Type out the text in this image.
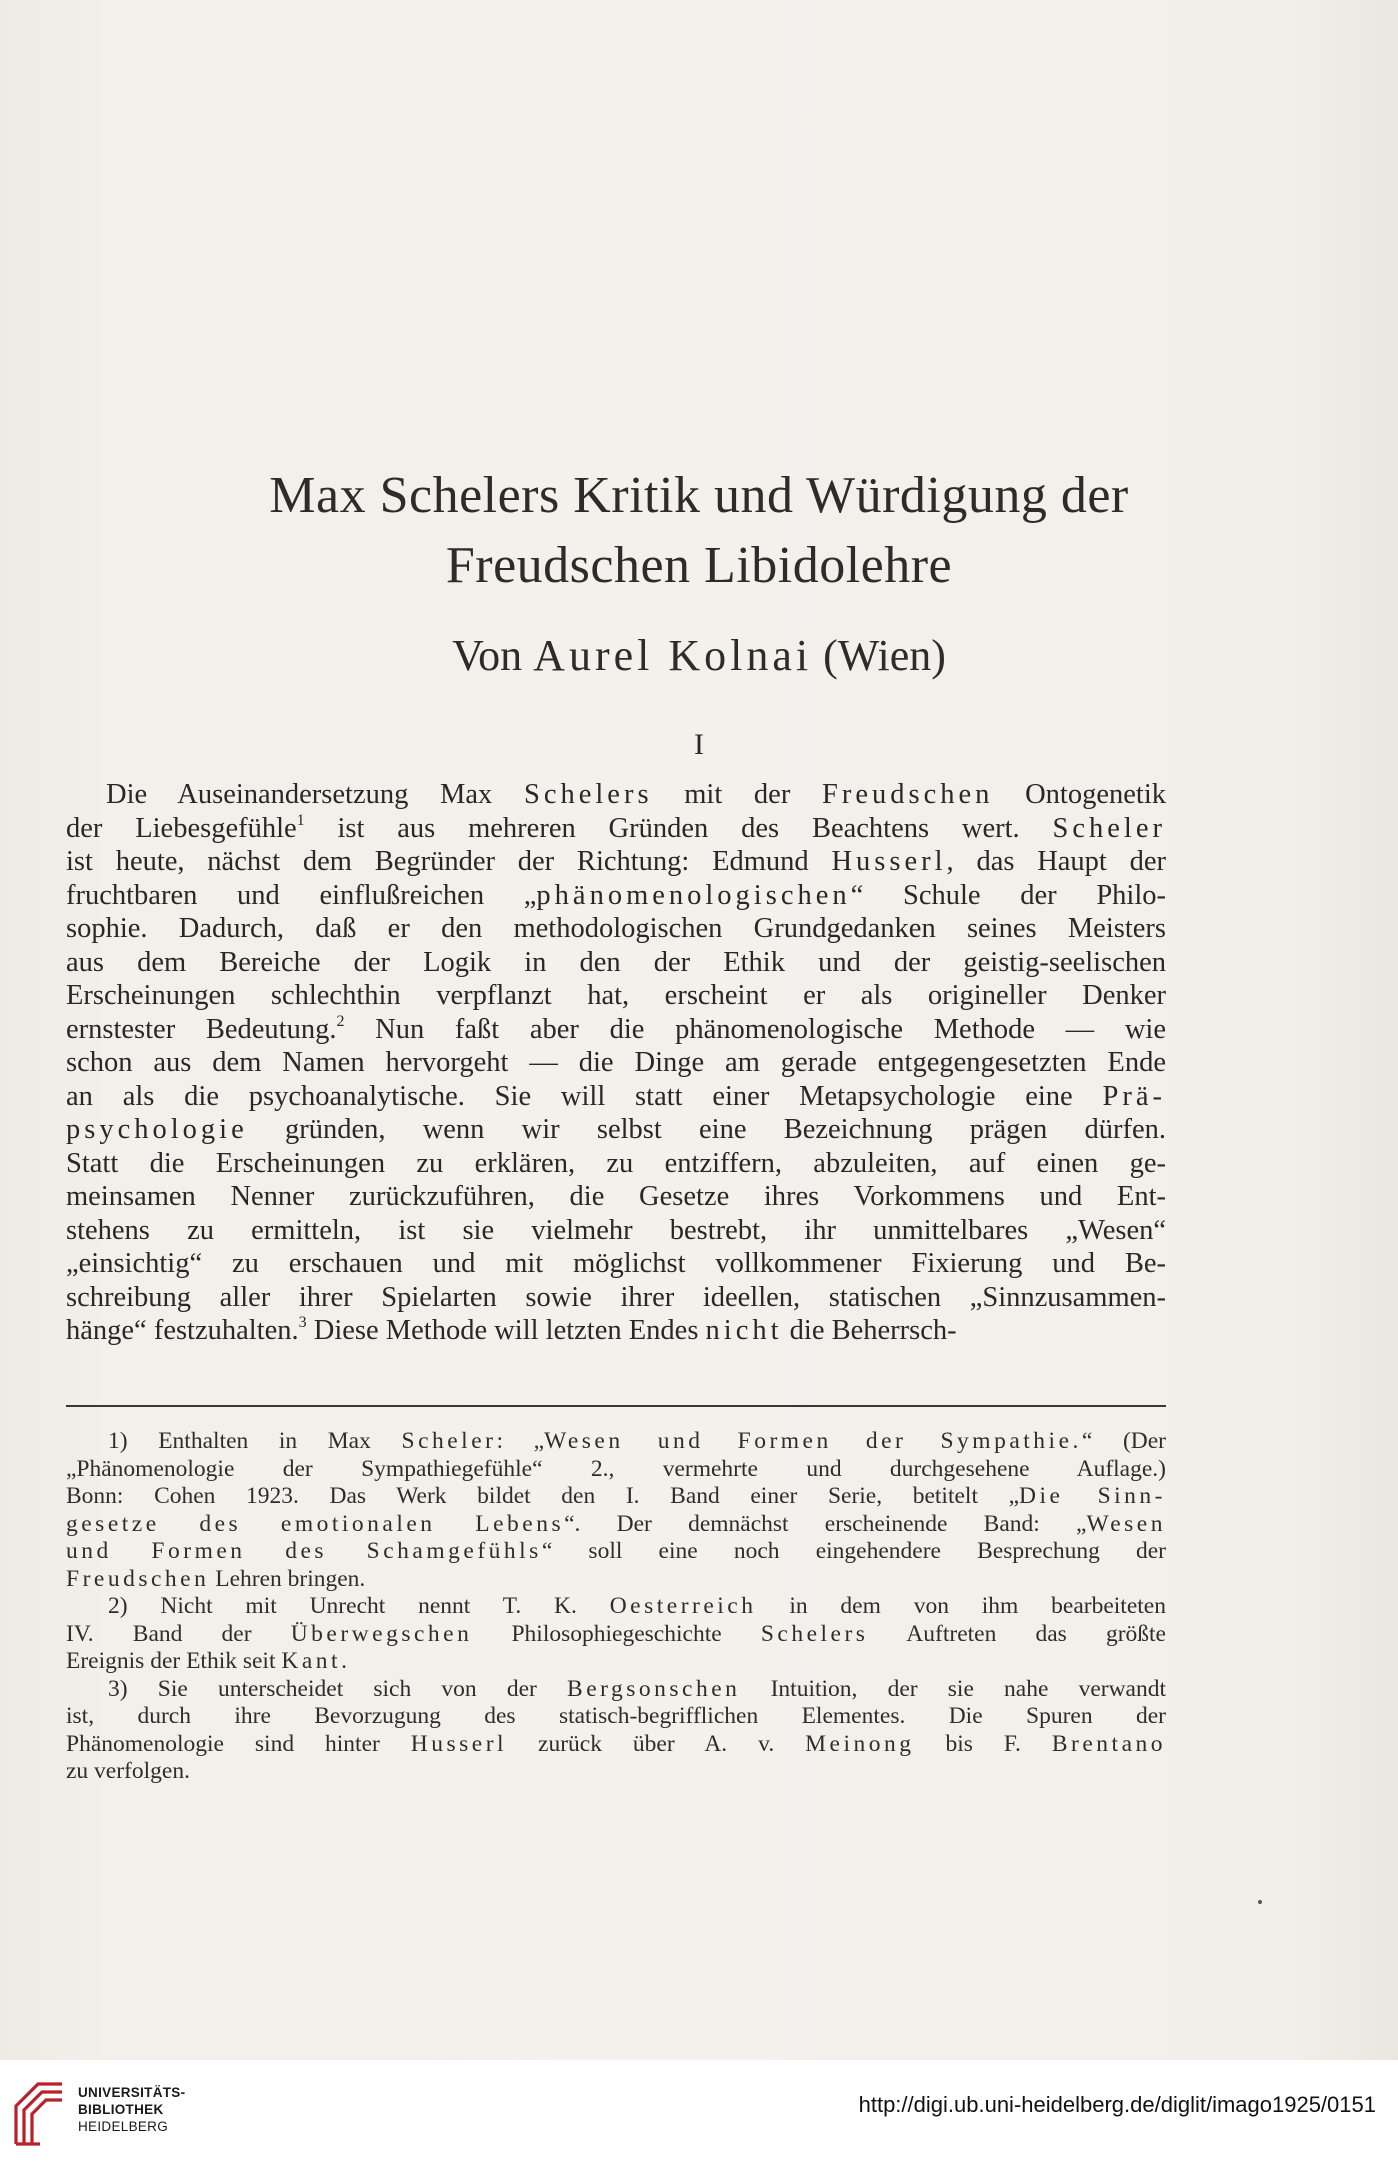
Max Schelers Kritik und Würdigung der
Freudschen Libidolehre
Von Aurel Kolnai (Wien)
I
Die Auseinandersetzung Max Schelers mit der Freudschen Ontogenetik
der Liebesgefühle$^1$ ist aus mehreren Gründen des Beachtens wert. Scheler
ist heute, nächst dem Begründer der Richtung: Edmund Husserl, das Haupt der
fruchtbaren und einflußreichen „phänomenologischen“ Schule der Philo-
sophie. Dadurch, daß er den methodologischen Grundgedanken seines Meisters
aus dem Bereiche der Logik in den der Ethik und der geistig-seelischen
Erscheinungen schlechthin verpflanzt hat, erscheint er als origineller Denker
ernstester Bedeutung.$^2$ Nun faßt aber die phänomenologische Methode — wie
schon aus dem Namen hervorgeht — die Dinge am gerade entgegengesetzten Ende
an als die psychoanalytische. Sie will statt einer Metapsychologie eine Prä-
psychologie gründen, wenn wir selbst eine Bezeichnung prägen dürfen.
Statt die Erscheinungen zu erklären, zu entziffern, abzuleiten, auf einen ge-
meinsamen Nenner zurückzuführen, die Gesetze ihres Vorkommens und Ent-
stehens zu ermitteln, ist sie vielmehr bestrebt, ihr unmittelbares „Wesen“
„einsichtig“ zu erschauen und mit möglichst vollkommener Fixierung und Be-
schreibung aller ihrer Spielarten sowie ihrer ideellen, statischen „Sinnzusammen-
hänge“ festzuhalten.$^3$ Diese Methode will letzten Endes nicht die Beherrsch-
1) Enthalten in Max Scheler: „Wesen und Formen der Sympathie.“ (Der
„Phänomenologie der Sympathiegefühle“ 2., vermehrte und durchgesehene Auflage.)
Bonn: Cohen 1923. Das Werk bildet den I. Band einer Serie, betitelt „Die Sinn-
gesetze des emotionalen Lebens“. Der demnächst erscheinende Band: „Wesen
und Formen des Schamgefühls“ soll eine noch eingehendere Besprechung der
Freudschen Lehren bringen.
2) Nicht mit Unrecht nennt T. K. Oesterreich in dem von ihm bearbeiteten
IV. Band der Überwegschen Philosophiegeschichte Schelers Auftreten das größte
Ereignis der Ethik seit Kant.
3) Sie unterscheidet sich von der Bergsonschen Intuition, der sie nahe verwandt
ist, durch ihre Bevorzugung des statisch-begrifflichen Elementes. Die Spuren der
Phänomenologie sind hinter Husserl zurück über A. v. Meinong bis F. Brentano
zu verfolgen.
UNIVERSITÄTS-
BIBLIOTHEK
HEIDELBERG
http://digi.ub.uni-heidelberg.de/diglit/imago1925/0151
